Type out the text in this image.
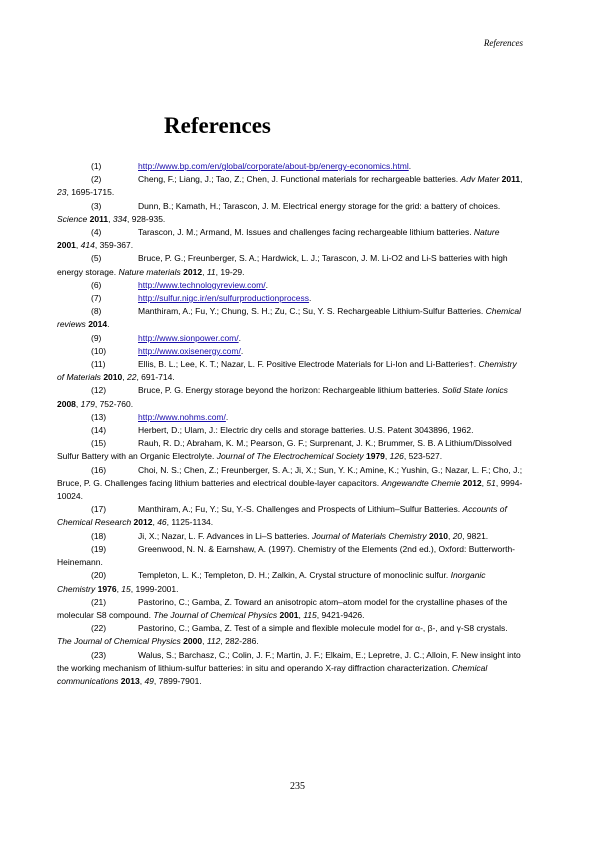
References
References

(1)	http://www.bp.com/en/global/corporate/about-bp/energy-economics.html.

(2)	Cheng, F.; Liang, J.; Tao, Z.; Chen, J. Functional materials for rechargeable batteries. Adv Mater 2011, 23, 1695-1715.

(3)	Dunn, B.; Kamath, H.; Tarascon, J. M. Electrical energy storage for the grid: a battery of choices. Science 2011, 334, 928-935.

(4)	Tarascon, J. M.; Armand, M. Issues and challenges facing rechargeable lithium batteries. Nature 2001, 414, 359-367.

(5)	Bruce, P. G.; Freunberger, S. A.; Hardwick, L. J.; Tarascon, J. M. Li-O2 and Li-S batteries with high energy storage. Nature materials 2012, 11, 19-29.

(6)	http://www.technologyreview.com/.

(7)	http://sulfur.nigc.ir/en/sulfurproductionprocess.

(8)	Manthiram, A.; Fu, Y.; Chung, S. H.; Zu, C.; Su, Y. S. Rechargeable Lithium-Sulfur Batteries. Chemical reviews 2014.

(9)	http://www.sionpower.com/.

(10)	http://www.oxisenergy.com/.

(11)	Ellis, B. L.; Lee, K. T.; Nazar, L. F. Positive Electrode Materials for Li-Ion and Li-Batteries†. Chemistry of Materials 2010, 22, 691-714.

(12)	Bruce, P. G. Energy storage beyond the horizon: Rechargeable lithium batteries. Solid State Ionics 2008, 179, 752-760.

(13)	http://www.nohms.com/.

(14)	Herbert, D.; Ulam, J.: Electric dry cells and storage batteries. U.S. Patent 3043896, 1962.

(15)	Rauh, R. D.; Abraham, K. M.; Pearson, G. F.; Surprenant, J. K.; Brummer, S. B. A Lithium/Dissolved Sulfur Battery with an Organic Electrolyte. Journal of The Electrochemical Society 1979, 126, 523-527.

(16)	Choi, N. S.; Chen, Z.; Freunberger, S. A.; Ji, X.; Sun, Y. K.; Amine, K.; Yushin, G.; Nazar, L. F.; Cho, J.; Bruce, P. G. Challenges facing lithium batteries and electrical double-layer capacitors. Angewandte Chemie 2012, 51, 9994-10024.

(17)	Manthiram, A.; Fu, Y.; Su, Y.-S. Challenges and Prospects of Lithium–Sulfur Batteries. Accounts of Chemical Research 2012, 46, 1125-1134.

(18)	Ji, X.; Nazar, L. F. Advances in Li–S batteries. Journal of Materials Chemistry 2010, 20, 9821.

(19)	Greenwood, N. N. & Earnshaw, A. (1997). Chemistry of the Elements (2nd ed.), Oxford: Butterworth-Heinemann.

(20)	Templeton, L. K.; Templeton, D. H.; Zalkin, A. Crystal structure of monoclinic sulfur. Inorganic Chemistry 1976, 15, 1999-2001.

(21)	Pastorino, C.; Gamba, Z. Toward an anisotropic atom–atom model for the crystalline phases of the molecular S8 compound. The Journal of Chemical Physics 2001, 115, 9421-9426.

(22)	Pastorino, C.; Gamba, Z. Test of a simple and flexible molecule model for α-, β-, and γ-S8 crystals. The Journal of Chemical Physics 2000, 112, 282-286.

(23)	Walus, S.; Barchasz, C.; Colin, J. F.; Martin, J. F.; Elkaim, E.; Lepretre, J. C.; Alloin, F. New insight into the working mechanism of lithium-sulfur batteries: in situ and operando X-ray diffraction characterization. Chemical communications 2013, 49, 7899-7901.

235
